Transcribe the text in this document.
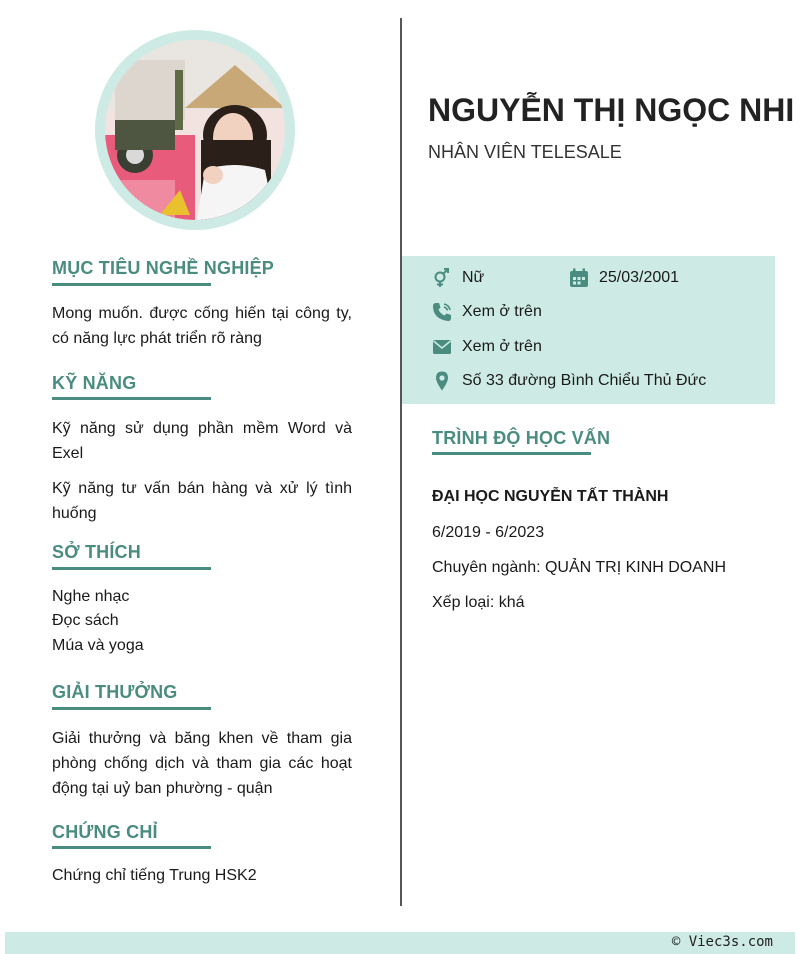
MỤC TIÊU NGHỀ NGHIỆP
Mong muốn. được cống hiến tại công ty, có năng lực phát triển rõ ràng
KỸ NĂNG
Kỹ năng sử dụng phần mềm Word và Exel
Kỹ năng tư vấn bán hàng và xử lý tình huống
SỞ THÍCH
Nghe nhạc
Đọc sách
Múa và yoga
GIẢI THƯỞNG
Giải thưởng và băng khen về tham gia phòng chống dịch và tham gia các hoạt động tại uỷ ban phường - quận
CHỨNG CHỈ
Chứng chỉ tiếng Trung HSK2
NGUYỄN THỊ NGỌC NHI
NHÂN VIÊN TELESALE
Nữ	25/03/2001
Xem ở trên
Xem ở trên
Số 33 đường Bình Chiểu Thủ Đức
TRÌNH ĐỘ HỌC VẤN
ĐẠI HỌC NGUYỄN TẤT THÀNH
6/2019 - 6/2023
Chuyên ngành: QUẢN TRỊ KINH DOANH
Xếp loại: khá
© Viec3s.com
